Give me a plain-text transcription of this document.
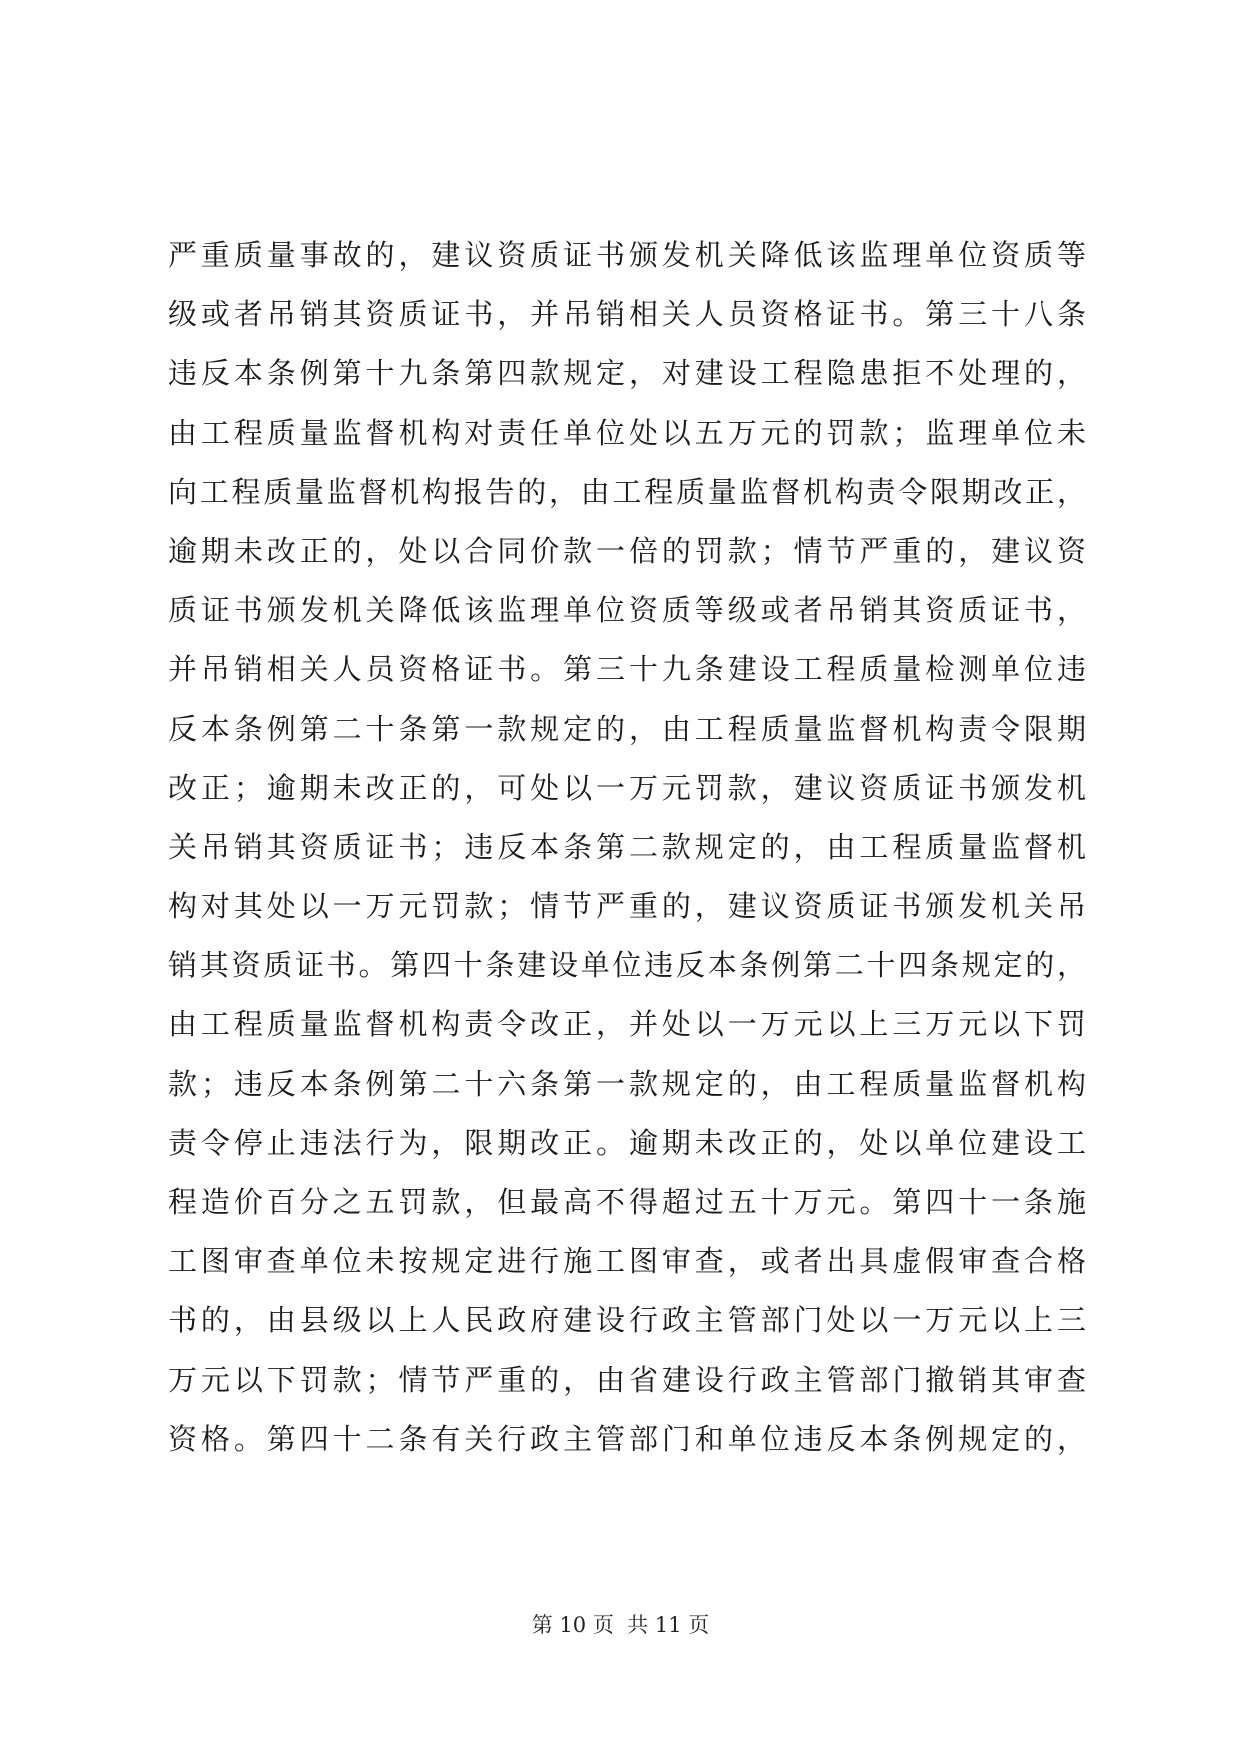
严重质量事故的，建议资质证书颁发机关降低该监理单位资质等
级或者吊销其资质证书，并吊销相关人员资格证书。第三十八条
违反本条例第十九条第四款规定，对建设工程隐患拒不处理的，
由工程质量监督机构对责任单位处以五万元的罚款；监理单位未
向工程质量监督机构报告的，由工程质量监督机构责令限期改正，
逾期未改正的，处以合同价款一倍的罚款；情节严重的，建议资
质证书颁发机关降低该监理单位资质等级或者吊销其资质证书，
并吊销相关人员资格证书。第三十九条建设工程质量检测单位违
反本条例第二十条第一款规定的，由工程质量监督机构责令限期
改正；逾期未改正的，可处以一万元罚款，建议资质证书颁发机
关吊销其资质证书；违反本条第二款规定的，由工程质量监督机
构对其处以一万元罚款；情节严重的，建议资质证书颁发机关吊
销其资质证书。第四十条建设单位违反本条例第二十四条规定的，
由工程质量监督机构责令改正，并处以一万元以上三万元以下罚
款；违反本条例第二十六条第一款规定的，由工程质量监督机构
责令停止违法行为，限期改正。逾期未改正的，处以单位建设工
程造价百分之五罚款，但最高不得超过五十万元。第四十一条施
工图审查单位未按规定进行施工图审查，或者出具虚假审查合格
书的，由县级以上人民政府建设行政主管部门处以一万元以上三
万元以下罚款；情节严重的，由省建设行政主管部门撤销其审查
资格。第四十二条有关行政主管部门和单位违反本条例规定的，
第 10 页  共 11 页
